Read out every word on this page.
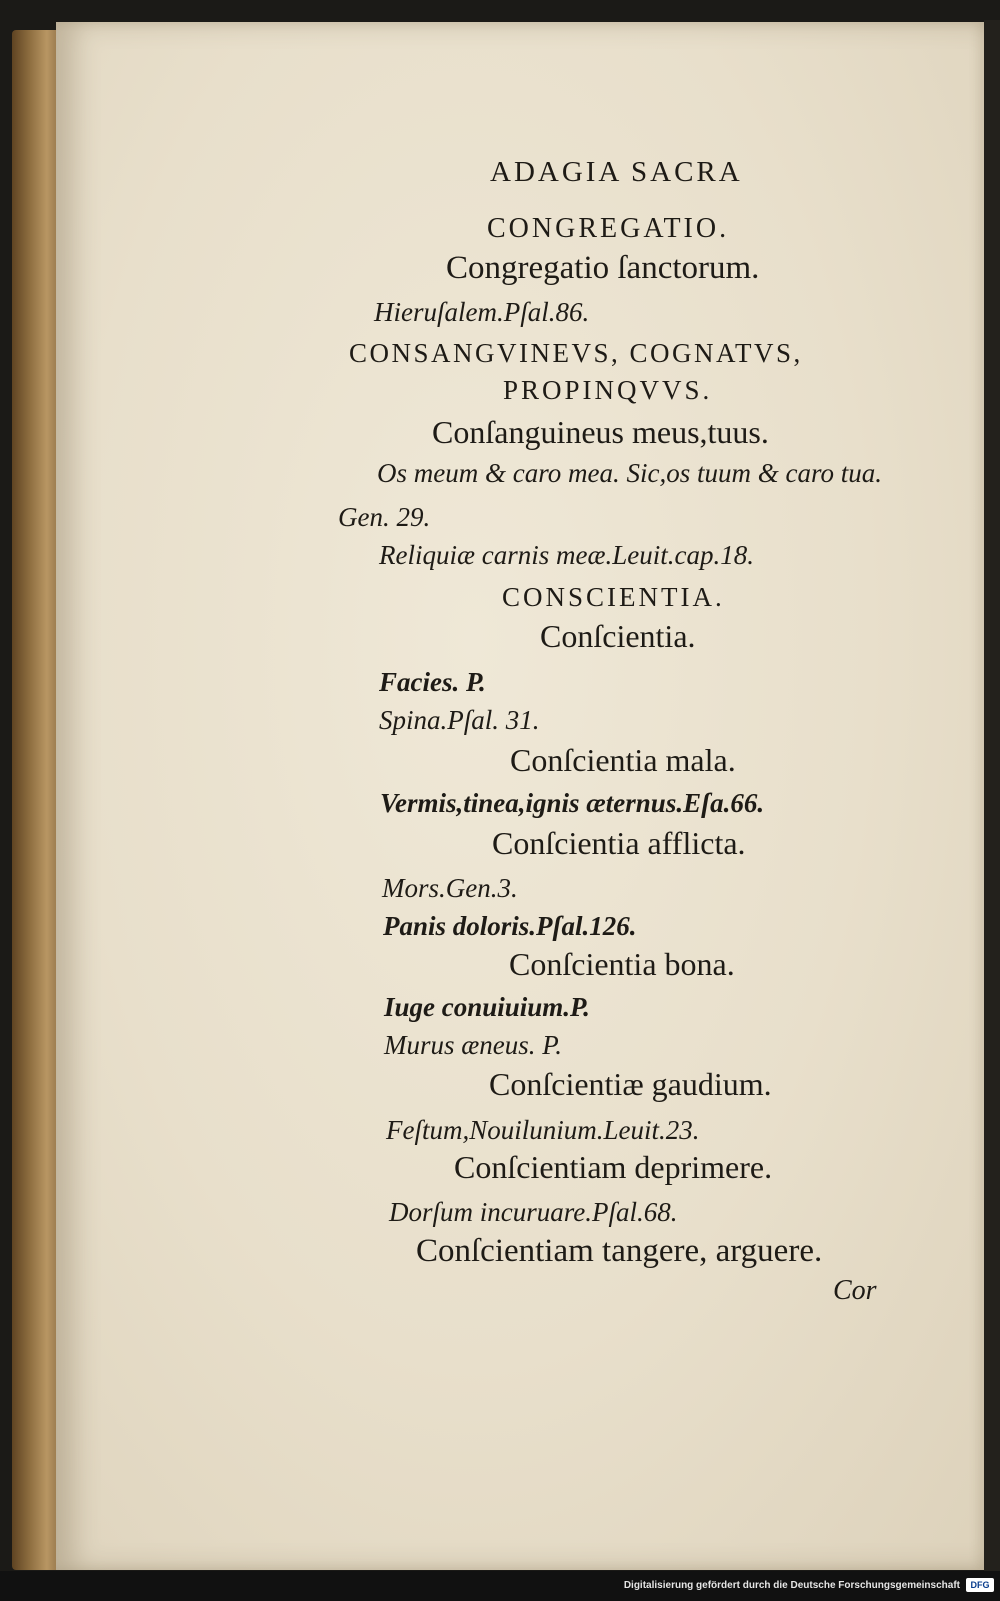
ADAGIA SACRA
CONGREGATIO.
Congregatio ſanctorum.
Hieruſalem.Pſal.86.
CONSANGVINEVS, COGNATVS,
PROPINQVVS.
Conſanguineus meus,tuus.
Os meum & caro mea. Sic,os tuum & caro tua.
Gen. 29.
Reliquiæ carnis meæ.Leuit.cap.18.
CONSCIENTIA.
Conſcientia.
Facies. P.
Spina.Pſal. 31.
Conſcientia mala.
Vermis,tinea,ignis æternus.Eſa.66.
Conſcientia afflicta.
Mors.Gen.3.
Panis doloris.Pſal.126.
Conſcientia bona.
Iuge conuiuium.P.
Murus æneus. P.
Conſcientiæ gaudium.
Feſtum,Nouilunium.Leuit.23.
Conſcientiam deprimere.
Dorſum incuruare.Pſal.68.
Conſcientiam tangere, arguere.
Cor
Digitalisierung gefördert durch die Deutsche Forschungsgemeinschaft	DFG
